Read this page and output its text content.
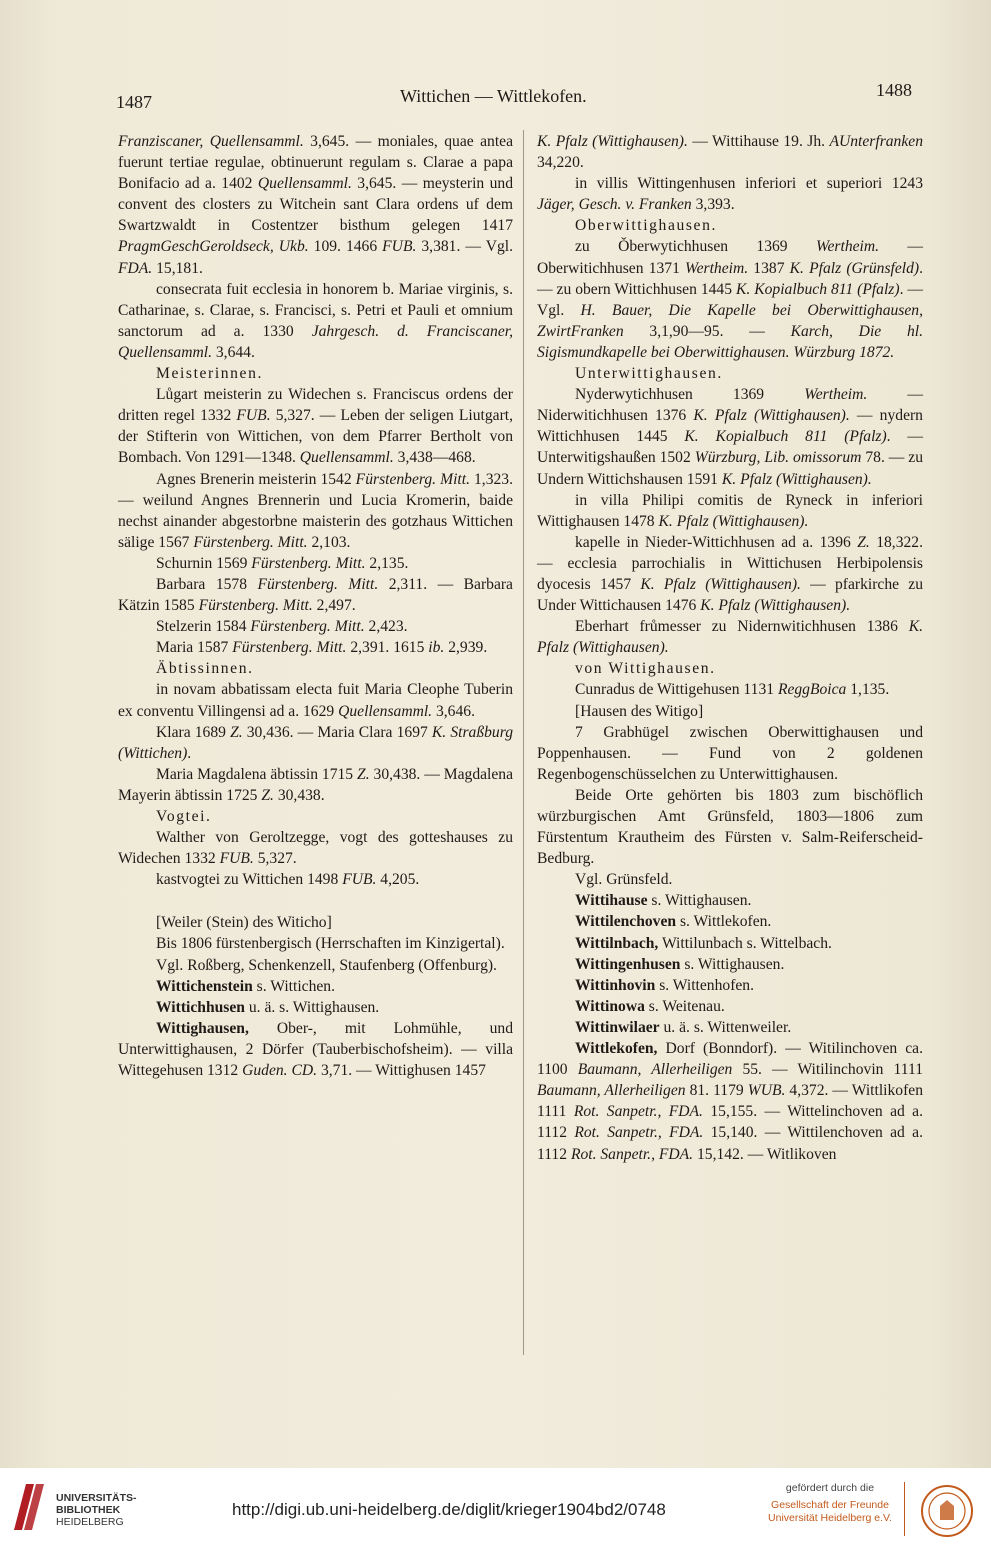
1487	Wittichen — Wittlekofen.	1488

Franziscaner, Quellensamml. 3,645. — moniales, quae antea fuerunt tertiae regulae, obtinuerunt regulam s. Clarae a papa Bonifacio ad a. 1402 Quellensamml. 3,645. — meysterin und convent des closters zu Witchein sant Clara ordens uf dem Swartzwaldt in Costentzer bisthum gelegen 1417 PragmGeschGeroldseck, Ukb. 109. 1466 FUB. 3,381. — Vgl. FDA. 15,181.

consecrata fuit ecclesia in honorem b. Mariae virginis, s. Catharinae, s. Clarae, s. Francisci, s. Petri et Pauli et omnium sanctorum ad a. 1330 Jahrgesch. d. Franciscaner, Quellensamml. 3,644.

Meisterinnen.

Lůgart meisterin zu Widechen s. Franciscus ordens der dritten regel 1332 FUB. 5,327. — Leben der seligen Liutgart, der Stifterin von Wittichen, von dem Pfarrer Bertholt von Bombach. Von 1291—1348. Quellensamml. 3,438—468.

Agnes Brenerin meisterin 1542 Fürstenberg. Mitt. 1,323. — weilund Angnes Brennerin und Lucia Kromerin, baide nechst ainander abgestorbne maisterin des gotzhaus Wittichen sälige 1567 Fürstenberg. Mitt. 2,103.

Schurnin 1569 Fürstenberg. Mitt. 2,135.

Barbara 1578 Fürstenberg. Mitt. 2,311. — Barbara Kätzin 1585 Fürstenberg. Mitt. 2,497.

Stelzerin 1584 Fürstenberg. Mitt. 2,423.

Maria 1587 Fürstenberg. Mitt. 2,391. 1615 ib. 2,939.

Äbtissinnen.

in novam abbatissam electa fuit Maria Cleophe Tuberin ex conventu Villingensi ad a. 1629 Quellensamml. 3,646.

Klara 1689 Z. 30,436. — Maria Clara 1697 K. Straßburg (Wittichen).

Maria Magdalena äbtissin 1715 Z. 30,438. — Magdalena Mayerin äbtissin 1725 Z. 30,438.

Vogtei.

Walther von Geroltzegge, vogt des gotteshauses zu Widechen 1332 FUB. 5,327.

kastvogtei zu Wittichen 1498 FUB. 4,205.

[Weiler (Stein) des Witicho]

Bis 1806 fürstenbergisch (Herrschaften im Kinzigertal).

Vgl. Roßberg, Schenkenzell, Staufenberg (Offenburg).

Wittichenstein s. Wittichen.

Wittichhusen u. ä. s. Wittighausen.

Wittighausen, Ober-, mit Lohmühle, und Unterwittighausen, 2 Dörfer (Tauberbischofsheim). — villa Wittegehusen 1312 Guden. CD. 3,71. — Wittighusen 1457

K. Pfalz (Wittighausen). — Wittihause 19. Jh. AUnterfranken 34,220.

in villis Wittingenhusen inferiori et superiori 1243 Jäger, Gesch. v. Franken 3,393.

Oberwittighausen.

zu Ǒberwytichhusen 1369 Wertheim. — Oberwitichhusen 1371 Wertheim. 1387 K. Pfalz (Grünsfeld). — zu obern Wittichhusen 1445 K. Kopialbuch 811 (Pfalz). — Vgl. H. Bauer, Die Kapelle bei Oberwittighausen, ZwirtFranken 3,1,90—95. — Karch, Die hl. Sigismundkapelle bei Oberwittighausen. Würzburg 1872.

Unterwittighausen.

Nyderwytichhusen 1369 Wertheim. — Niderwitichhusen 1376 K. Pfalz (Wittighausen). — nydern Wittichhusen 1445 K. Kopialbuch 811 (Pfalz). — Unterwitigshaußen 1502 Würzburg, Lib. omissorum 78. — zu Undern Wittichshausen 1591 K. Pfalz (Wittighausen).

in villa Philipi comitis de Ryneck in inferiori Wittighausen 1478 K. Pfalz (Wittighausen).

kapelle in Nieder-Wittichhusen ad a. 1396 Z. 18,322. — ecclesia parrochialis in Wittichusen Herbipolensis dyocesis 1457 K. Pfalz (Wittighausen). — pfarkirche zu Under Wittichausen 1476 K. Pfalz (Wittighausen).

Eberhart frůmesser zu Nidernwitichhusen 1386 K. Pfalz (Wittighausen).

von Wittighausen.

Cunradus de Wittigehusen 1131 ReggBoica 1,135.

[Hausen des Witigo]

7 Grabhügel zwischen Oberwittighausen und Poppenhausen. — Fund von 2 goldenen Regenbogenschüsselchen zu Unterwittighausen.

Beide Orte gehörten bis 1803 zum bischöflich würzburgischen Amt Grünsfeld, 1803—1806 zum Fürstentum Krautheim des Fürsten v. Salm-Reiferscheid-Bedburg.

Vgl. Grünsfeld.

Wittihause s. Wittighausen.

Wittilenchoven s. Wittlekofen.

Wittilnbach, Wittilunbach s. Wittelbach.

Wittingenhusen s. Wittighausen.

Wittinhovin s. Wittenhofen.

Wittinowa s. Weitenau.

Wittinwilaer u. ä. s. Wittenweiler.

Wittlekofen, Dorf (Bonndorf). — Witilinchoven ca. 1100 Baumann, Allerheiligen 55. — Witilinchovin 1111 Baumann, Allerheiligen 81. 1179 WUB. 4,372. — Wittlikofen 1111 Rot. Sanpetr., FDA. 15,155. — Wittelinchoven ad a. 1112 Rot. Sanpetr., FDA. 15,140. — Wittilenchoven ad a. 1112 Rot. Sanpetr., FDA. 15,142. — Witlikoven

UNIVERSITÄTS-
BIBLIOTHEK
HEIDELBERG
http://digi.ub.uni-heidelberg.de/diglit/krieger1904bd2/0748
gefördert durch die
Gesellschaft der Freunde
Universität Heidelberg e.V.
